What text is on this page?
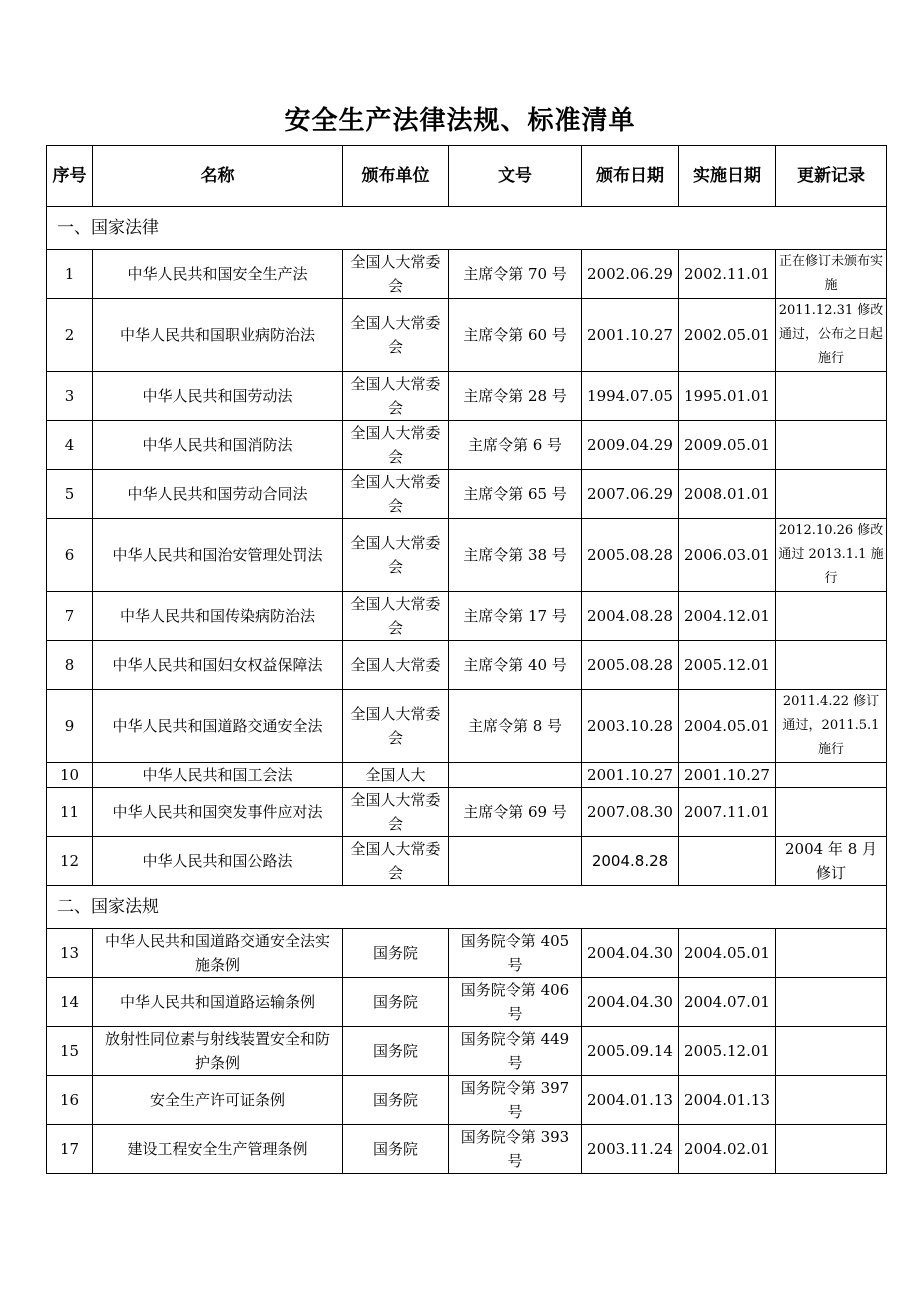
安全生产法律法规、标准清单
序号	名称	颁布单位	文号	颁布日期	实施日期	更新记录
一、国家法律						
1	中华人民共和国安全生产法	全国人大常委会	主席令第 70 号	2002.06.29	2002.11.01	正在修订未颁布实施
2	中华人民共和国职业病防治法	全国人大常委会	主席令第 60 号	2001.10.27	2002.05.01	2011.12.31 修改通过，公布之日起施行
3	中华人民共和国劳动法	全国人大常委会	主席令第 28 号	1994.07.05	1995.01.01	
4	中华人民共和国消防法	全国人大常委会	主席令第 6 号	2009.04.29	2009.05.01	
5	中华人民共和国劳动合同法	全国人大常委会	主席令第 65 号	2007.06.29	2008.01.01	
6	中华人民共和国治安管理处罚法	全国人大常委会	主席令第 38 号	2005.08.28	2006.03.01	2012.10.26 修改通过 2013.1.1 施行
7	中华人民共和国传染病防治法	全国人大常委会	主席令第 17 号	2004.08.28	2004.12.01	
8	中华人民共和国妇女权益保障法	全国人大常委	主席令第 40 号	2005.08.28	2005.12.01	
9	中华人民共和国道路交通安全法	全国人大常委会	主席令第 8 号	2003.10.28	2004.05.01	2011.4.22 修订通过，2011.5.1 施行
10	中华人民共和国工会法	全国人大		2001.10.27	2001.10.27	
11	中华人民共和国突发事件应对法	全国人大常委会	主席令第 69 号	2007.08.30	2007.11.01	
12	中华人民共和国公路法	全国人大常委会		2004.8.28		2004 年 8 月修订
二、国家法规						
13	中华人民共和国道路交通安全法实施条例	国务院	国务院令第 405 号	2004.04.30	2004.05.01	
14	中华人民共和国道路运输条例	国务院	国务院令第 406 号	2004.04.30	2004.07.01	
15	放射性同位素与射线装置安全和防护条例	国务院	国务院令第 449 号	2005.09.14	2005.12.01	
16	安全生产许可证条例	国务院	国务院令第 397 号	2004.01.13	2004.01.13	
17	建设工程安全生产管理条例	国务院	国务院令第 393 号	2003.11.24	2004.02.01	
